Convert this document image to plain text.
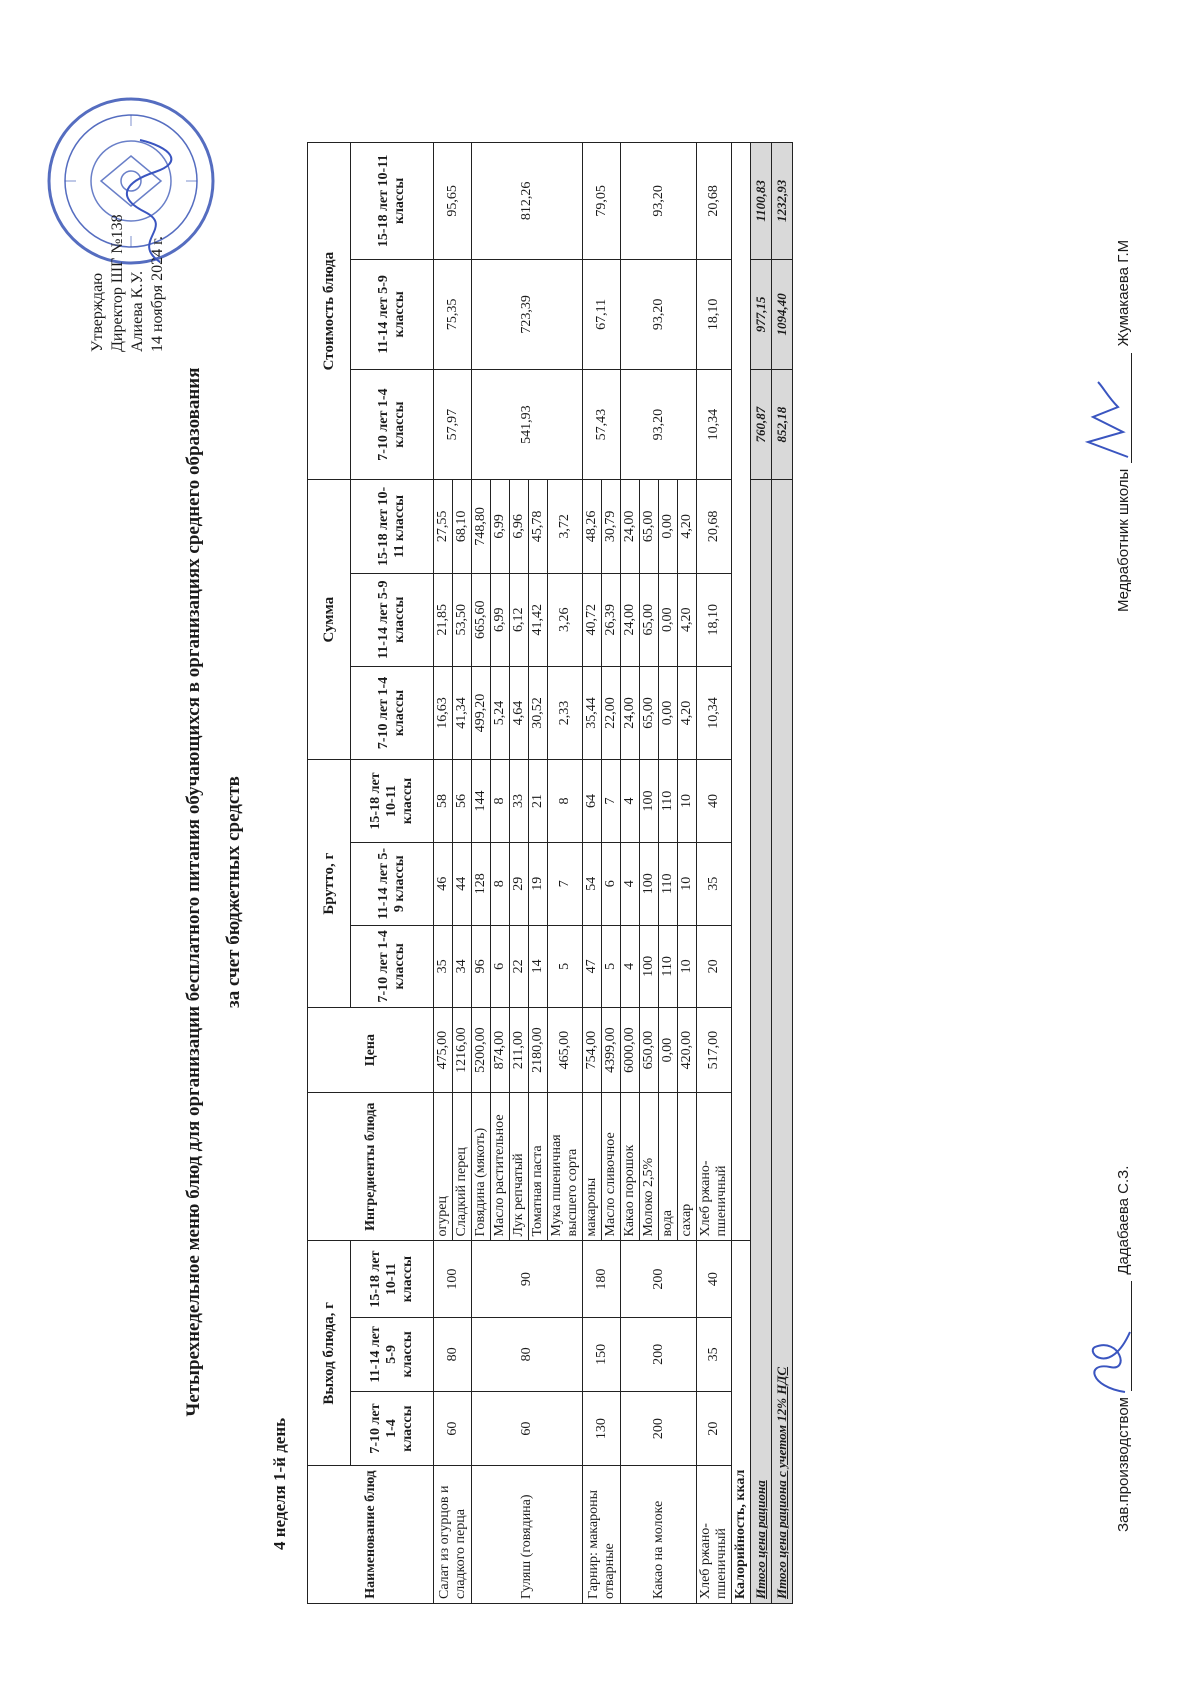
Утверждаю Директор ШГ №138 Алиева К.У. 14 ноября 2024 г.
Четырехнедельное меню блюд для организации бесплатного питания обучающихся в организациях среднего образования за счет бюджетных средств
4 неделя 1-й день	Наименование блюд	Выход блюда, г			Ингредиенты блюда	Цена	Брутто, г			Сумма			Стоимость блюда		
	7-10 лет 1-4 классы	11-14 лет 5-9 классы	15-18 лет 10-11 классы			7-10 лет 1-4 классы	11-14 лет 5-9 классы	15-18 лет 10-11 классы	7-10 лет 1-4 классы	11-14 лет 5-9 классы	15-18 лет 10-11 классы	7-10 лет 1-4 классы	11-14 лет 5-9 классы	15-18 лет 10-11 классы
Салат из огурцов и сладкого перца	60	80	100	огурец	475,00	35	46	58	16,63	21,85	27,55	57,97	75,35	95,65
				Сладкий перец	1216,00	34	44	56	41,34	53,50	68,10			
Гуляш (говядина)	60	80	90	Говядина (мякоть)	5200,00	96	128	144	499,20	665,60	748,80	541,93	723,39	812,26
				Масло растительное	874,00	6	8	8	5,24	6,99	6,99			
				Лук репчатый	211,00	22	29	33	4,64	6,12	6,96			
				Томатная паста	2180,00	14	19	21	30,52	41,42	45,78			
				Мука пшеничная высшего сорта	465,00	5	7	8	2,33	3,26	3,72			
Гарнир: макароны отварные	130	150	180	макароны	754,00	47	54	64	35,44	40,72	48,26	57,43	67,11	79,05
				Масло сливочное	4399,00	5	6	7	22,00	26,39	30,79			
Какао на молоке	200	200	200	Какао порошок	6000,00	4	4	4	24,00	24,00	24,00	93,20	93,20	93,20
				Молоко 2,5%	650,00	100	100	100	65,00	65,00	65,00			
				вода	0,00	110	110	110	0,00	0,00	0,00			
				сахар	420,00	10	10	10	4,20	4,20	4,20			
Хлеб ржано-пшеничный	20	35	40	Хлеб ржано-пшеничный	517,00	20	35	40	10,34	18,10	20,68	10,34	18,10	20,68
Калорийность, ккал														
Итого цена рациона												760,87	977,15	1100,83
Итого цена рациона с учетом 12% НДС												852,18	1094,40	1232,93
Зав.производством  Дадабаева С.З.
Медработник школы  Жумакаева Г.М
